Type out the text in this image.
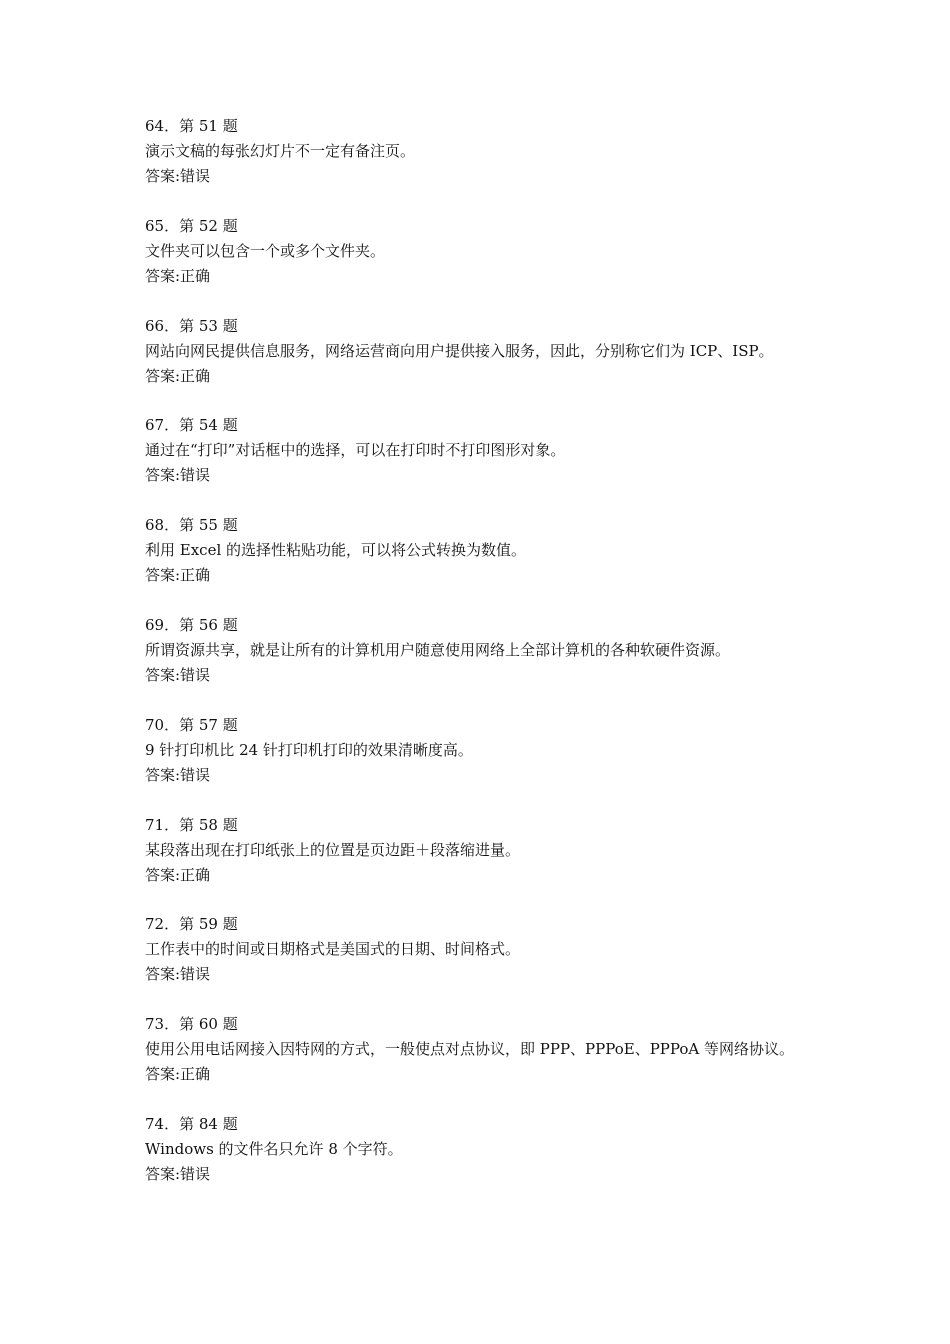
64．第 51 题
演示文稿的每张幻灯片不一定有备注页。
答案:错误
65．第 52 题
文件夹可以包含一个或多个文件夹。
答案:正确
66．第 53 题
网站向网民提供信息服务，网络运营商向用户提供接入服务，因此，分别称它们为 ICP、ISP。
答案:正确
67．第 54 题
通过在“打印”对话框中的选择，可以在打印时不打印图形对象。
答案:错误
68．第 55 题
利用 Excel 的选择性粘贴功能，可以将公式转换为数值。
答案:正确
69．第 56 题
所谓资源共享，就是让所有的计算机用户随意使用网络上全部计算机的各种软硬件资源。
答案:错误
70．第 57 题
9 针打印机比 24 针打印机打印的效果清晰度高。
答案:错误
71．第 58 题
某段落出现在打印纸张上的位置是页边距＋段落缩进量。
答案:正确
72．第 59 题
工作表中的时间或日期格式是美国式的日期、时间格式。
答案:错误
73．第 60 题
使用公用电话网接入因特网的方式，一般使点对点协议，即 PPP、PPPoE、PPPoA 等网络协议。
答案:正确
74．第 84 题
Windows 的文件名只允许 8 个字符。
答案:错误
